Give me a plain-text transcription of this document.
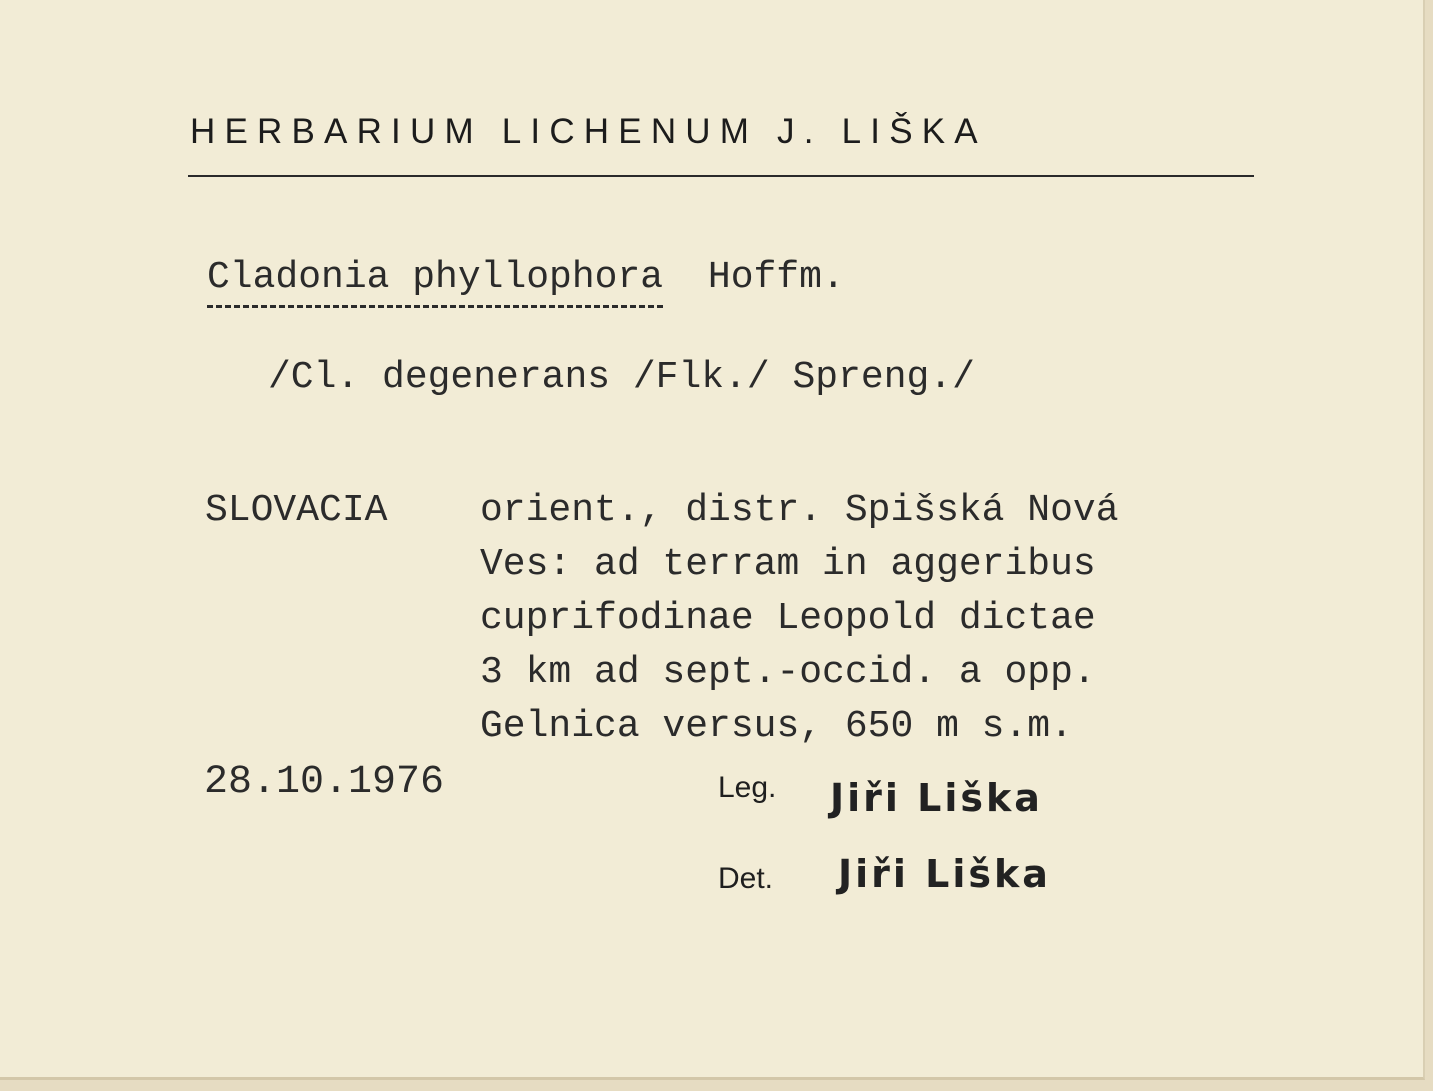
HERBARIUM LICHENUM J. LIŠKA
Cladonia phyllophora Hoffm.
/Cl. degenerans /Flk./ Spreng./
SLOVACIA orient., distr. Spišská Nová
Ves: ad terram in aggeribus
cuprifodinae Leopold dictae
3 km ad sept.-occid. a opp.
Gelnica versus, 650 m s.m.
28.10.1976	Leg. Jiři Liška
Det. Jiři Liška
